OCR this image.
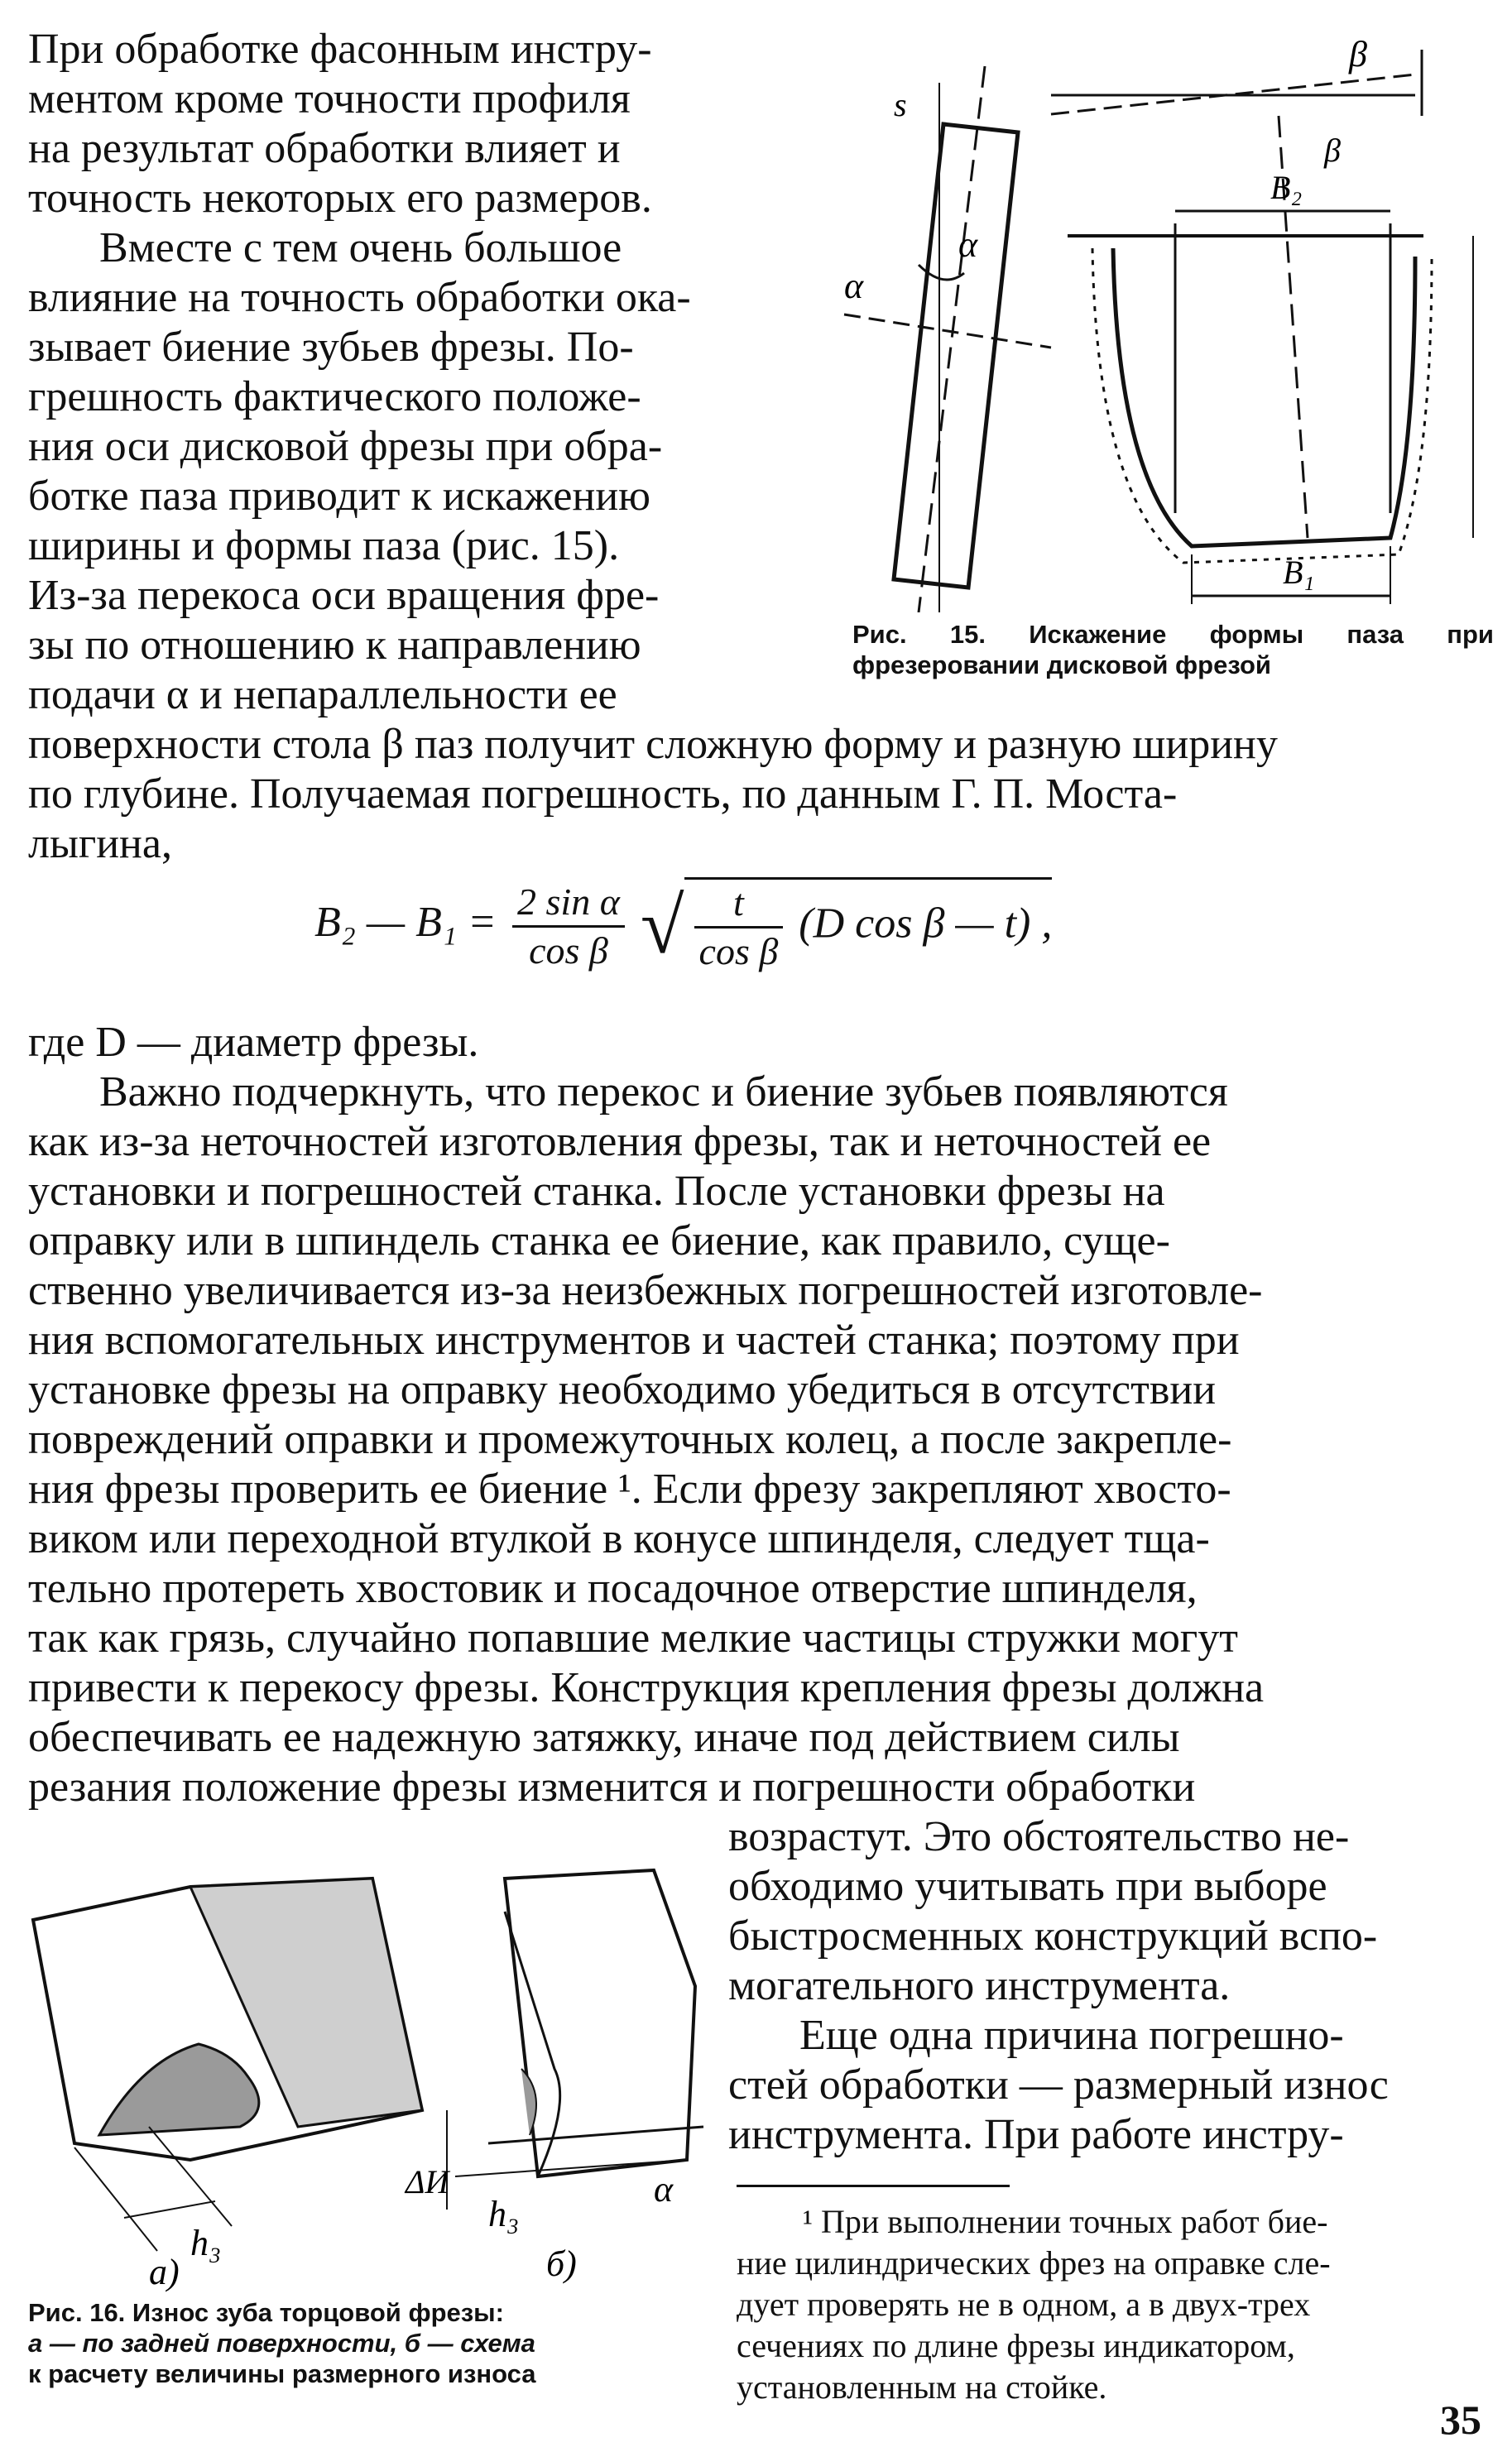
При обработке фасонным инстру-
ментом кроме точности профиля
на результат обработки влияет и
точность некоторых его размеров.

Вместе с тем очень большое
влияние на точность обработки ока-
зывает биение зубьев фрезы. По-
грешность фактического положе-
ния оси дисковой фрезы при обра-
ботке паза приводит к искажению
ширины и формы паза (рис. 15).
Из-за перекоса оси вращения фре-
зы по отношению к направлению
подачи α и непараллельности ее

поверхности стола β паз получит сложную форму и разную ширину
по глубине. Получаемая погрешность, по данным Г. П. Моста-
лыгина,
s
α
α
β
B₂
β
B₁

Рис. 15. Искажение формы паза при фрезеровании дисковой фрезой

B₂ — $B_1 = \frac{\text{2 sin α}}{\text{cos β}}$ √ $\frac{t}{\text{cos β}} (D$ cos β — t) ,
где D — диаметр фрезы.
Важно подчеркнуть, что перекос и биение зубьев появляются
как из-за неточностей изготовления фрезы, так и неточностей ее
установки и погрешностей станка. После установки фрезы на
оправку или в шпиндель станка ее биение, как правило, суще-
ственно увеличивается из-за неизбежных погрешностей изготовле-
ния вспомогательных инструментов и частей станка; поэтому при
установке фрезы на оправку необходимо убедиться в отсутствии
повреждений оправки и промежуточных колец, а после закрепле-
ния фрезы проверить ее биение ¹. Если фрезу закрепляют хвосто-
виком или переходной втулкой в конусе шпинделя, следует тща-
тельно протереть хвостовик и посадочное отверстие шпинделя,
так как грязь, случайно попавшие мелкие частицы стружки могут
привести к перекосу фрезы. Конструкция крепления фрезы должна
обеспечивать ее надежную затяжку, иначе под действием силы
резания положение фрезы изменится и погрешности обработки
возрастут. Это обстоятельство не-
обходимо учитывать при выборе
быстросменных конструкций вспо-
могательного инструмента.
Еще одна причина погрешно-
стей обработки — размерный износ
инструмента. При работе инстру-
h₃
а)
ΔИ
h₃
α
б)
Рис. 16. Износ зуба торцовой фрезы:
а — по задней поверхности, б — схема
к расчету величины размерного износа
¹ При выполнении точных работ бие-
ние цилиндрических фрез на оправке сле-
дует проверять не в одном, а в двух-трех
сечениях по длине фрезы индикатором,
установленным на стойке.
35
